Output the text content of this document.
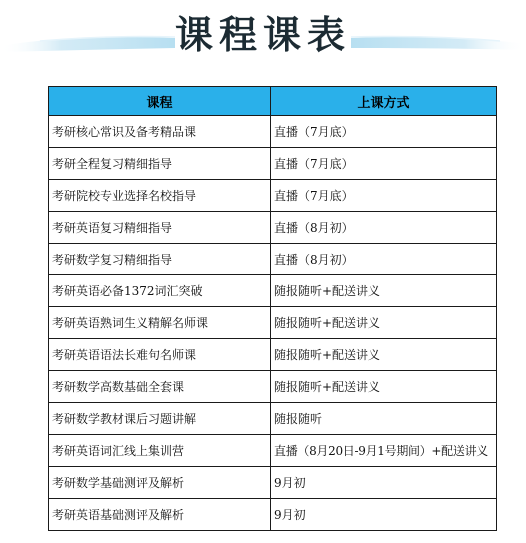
课程课表
课程	上课方式
考研核心常识及备考精品课	直播（7月底）
考研全程复习精细指导	直播（7月底）
考研院校专业选择名校指导	直播（7月底）
考研英语复习精细指导	直播（8月初）
考研数学复习精细指导	直播（8月初）
考研英语必备1372词汇突破	随报随听+配送讲义
考研英语熟词生义精解名师课	随报随听+配送讲义
考研英语语法长难句名师课	随报随听+配送讲义
考研数学高数基础全套课	随报随听+配送讲义
考研数学教材课后习题讲解	随报随听
考研英语词汇线上集训营	直播（8月20日-9月1号期间）+配送讲义
考研数学基础测评及解析	9月初
考研英语基础测评及解析	9月初
